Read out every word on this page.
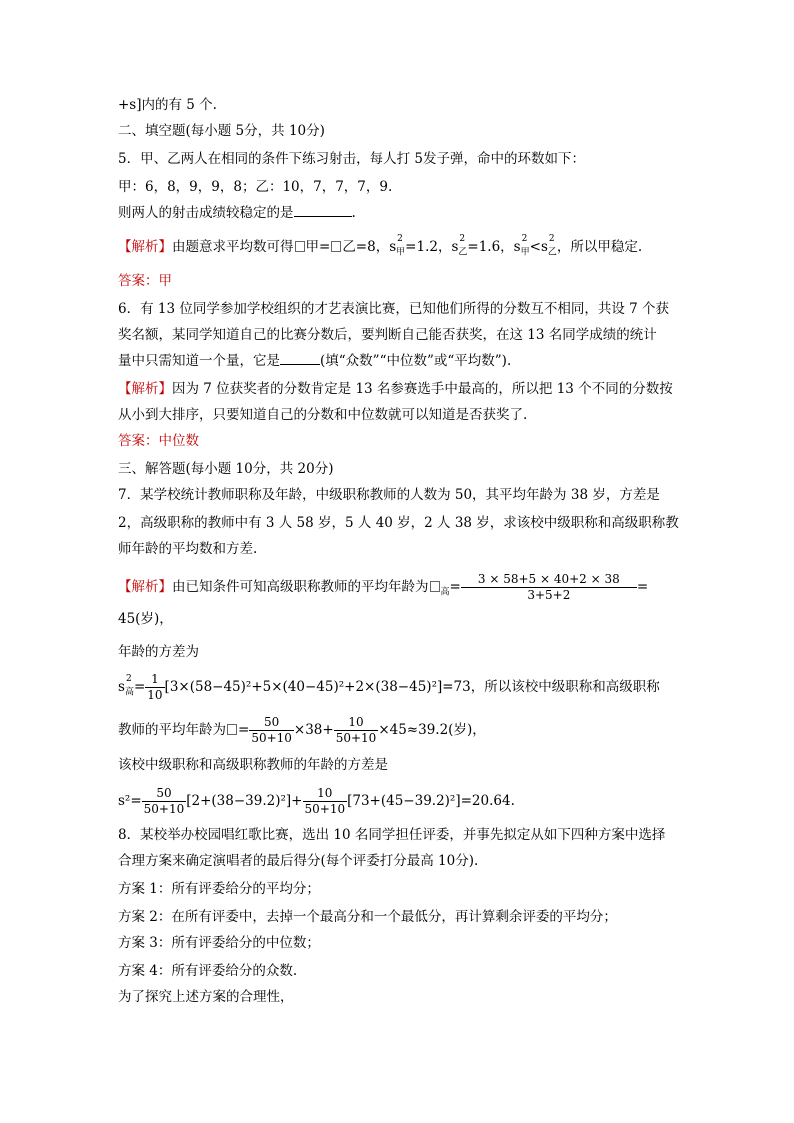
+s]内的有 5 个.
二、填空题(每小题 5分，共 10分)
5．甲、乙两人在相同的条件下练习射击，每人打 5发子弹，命中的环数如下：
甲：6，8，9，9，8；乙：10，7，7，7，9.
则两人的射击成绩较稳定的是	.
【解析】由题意求平均数可得 甲= 乙=8，s 2
$_甲$=1.2，s 2
$_乙$=1.6，s 2
$_甲$<s 2
$_乙$，所以甲稳定.
答案：甲
6．有 13 位同学参加学校组织的才艺表演比赛，已知他们所得的分数互不相同，共设 7 个获
奖名额，某同学知道自己的比赛分数后，要判断自己能否获奖，在这 13 名同学成绩的统计
量中只需知道一个量，它是	(填“众数”“中位数”或“平均数”).
【解析】因为 7 位获奖者的分数肯定是 13 名参赛选手中最高的，所以把 13 个不同的分数按
从小到大排序，只要知道自己的分数和中位数就可以知道是否获奖了.
答案：中位数
三、解答题(每小题 10分，共 20分)
7．某学校统计教师职称及年龄，中级职称教师的人数为 50，其平均年龄为 38 岁，方差是
2，高级职称的教师中有 3 人 58 岁，5 人 40 岁，2 人 38 岁，求该校中级职称和高级职称教
师年龄的平均数和方差.
【解析】由已知条件可知高级职称教师的平均年龄为 $_高= \frac{3 \times 58+5 \times 40+2 \times 38}{3+5+2}$ =
45(岁)，
年龄的方差为
s 2
$_高= \frac{1}{10} [3\times(58-45)^2+5\times(40-45)^2+2\times(38-45)^2]=73$，所以该校中级职称和高级职称
教师的平均年龄为 = $\frac{50}{50+10} \times 38+ \frac{10}{50+10} \times 45\approx 39.2$(岁)，
该校中级职称和高级职称教师的年龄的方差是
$s^2= \frac{50}{50+10} [2+(38-39.2)^2]+ \frac{10}{50+10} [73+(45-39.2)^2]=20.64$.
8．某校举办校园唱红歌比赛，选出 10 名同学担任评委，并事先拟定从如下四种方案中选择
合理方案来确定演唱者的最后得分(每个评委打分最高 10分).
方案 1：所有评委给分的平均分；
方案 2：在所有评委中，去掉一个最高分和一个最低分，再计算剩余评委的平均分；
方案 3：所有评委给分的中位数；
方案 4：所有评委给分的众数.
为了探究上述方案的合理性，
